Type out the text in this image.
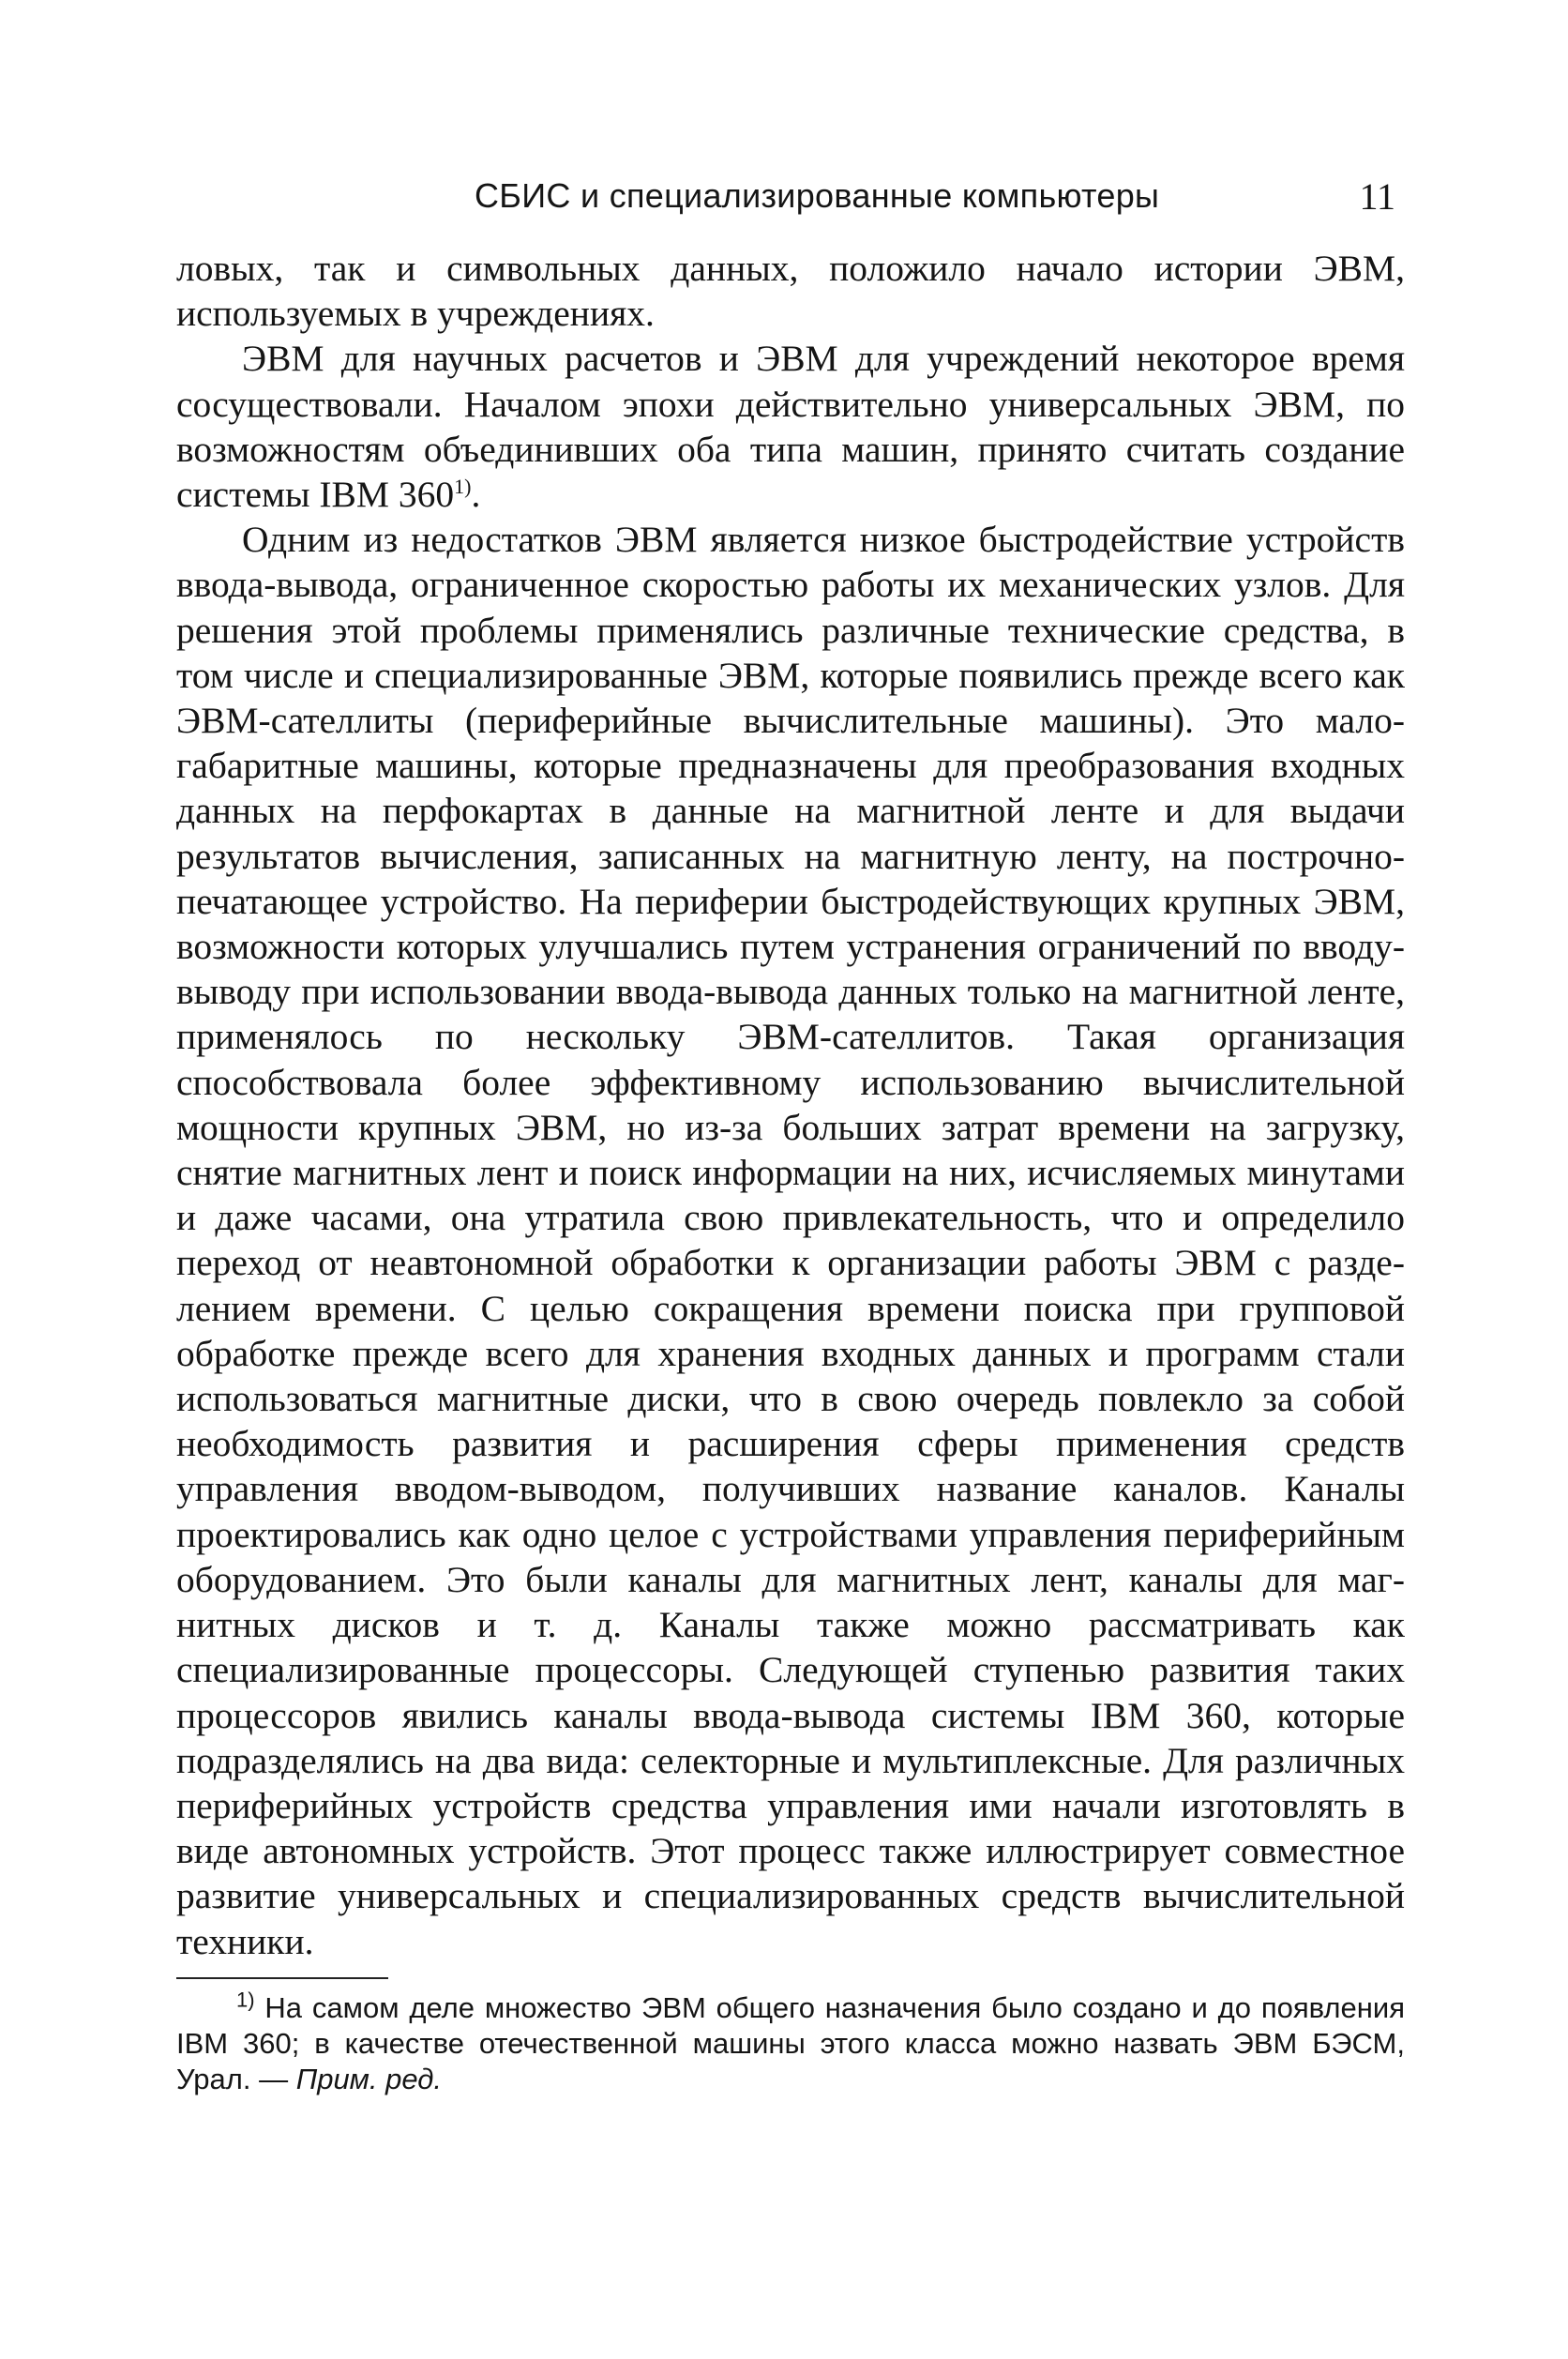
СБИС и специализированные компьютеры	11

ловых, так и символьных данных, положило начало истории ЭВМ, используемых в учреждениях.

ЭВМ для научных расчетов и ЭВМ для учреждений некоторое время сосуществовали. Началом эпохи действительно универсальных ЭВМ, по возможностям объединивших оба типа машин, принято считать создание системы IBM 360$^{1)}$.

Одним из недостатков ЭВМ является низкое быстродействие устройств ввода-вывода, ограниченное скоростью работы их механических узлов. Для решения этой проблемы применялись различные технические средства, в том числе и специализированные ЭВМ, которые появились прежде всего как ЭВМ-сателлиты (периферийные вычислительные машины). Это малогабаритные машины, которые предназначены для преобразования входных данных на перфокартах в данные на магнитной ленте и для выдачи результатов вычисления, записанных на магнитную ленту, на построчно-печатающее устройство. На периферии быстродействующих крупных ЭВМ, возможности которых улучшались путем устранения ограничений по вводу-выводу при использовании ввода-вывода данных только на магнитной ленте, применялось по нескольку ЭВМ-сателлитов. Такая организация способствовала более эффективному использованию вычислительной мощности крупных ЭВМ, но из-за больших затрат времени на загрузку, снятие магнитных лент и поиск информации на них, исчисляемых минутами и даже часами, она утратила свою привлекательность, что и определило переход от неавтономной обработки к организации работы ЭВМ с разделением времени. С целью сокращения времени поиска при групповой обработке прежде всего для хранения входных данных и программ стали использоваться магнитные диски, что в свою очередь повлекло за собой необходимость развития и расширения сферы применения средств управления вводом-выводом, получивших название каналов. Каналы проектировались как одно целое с устройствами управления периферийным оборудованием. Это были каналы для магнитных лент, каналы для магнитных дисков и т. д. Каналы также можно рассматривать как специализированные процессоры. Следующей ступенью развития таких процессоров явились каналы ввода-вывода системы IBM 360, которые подразделялись на два вида: селекторные и мультиплексные. Для различных периферийных устройств средства управления ими начали изготовлять в виде автономных устройств. Этот процесс также иллюстрирует совместное развитие универсальных и специализированных средств вычислительной техники.

$^{1)}$ На самом деле множество ЭВМ общего назначения было создано и до появления IBM 360; в качестве отечественной машины этого класса можно назвать ЭВМ БЭСМ, Урал. — Прим. ред.
